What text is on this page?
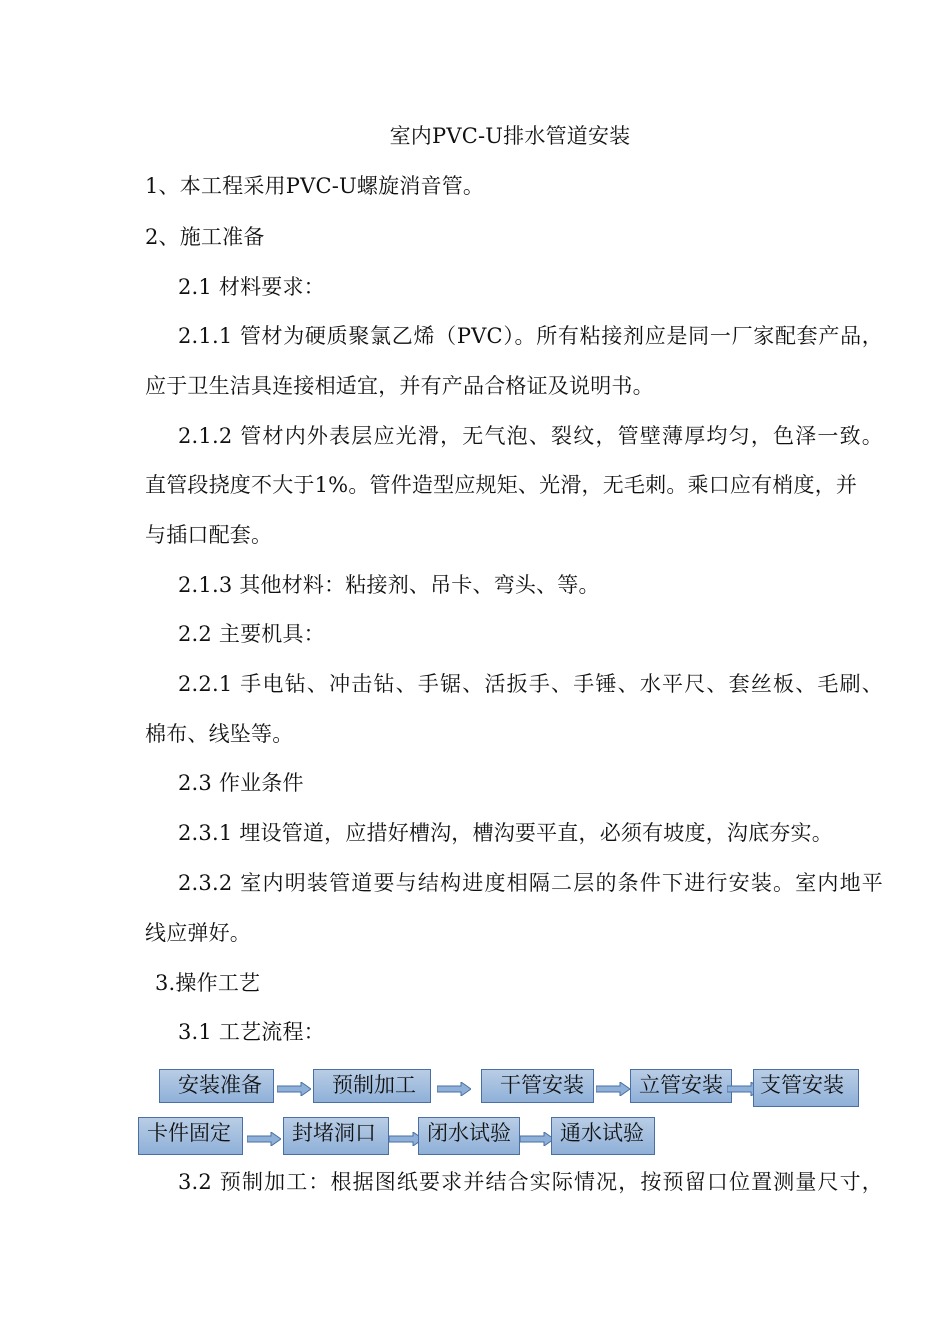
室内PVC-U排水管道安装
1、本工程采用PVC-U螺旋消音管。
2、施工准备
2.1 材料要求：
2.1.1 管材为硬质聚氯乙烯（PVC）。所有粘接剂应是同一厂家配套产品，
应于卫生洁具连接相适宜，并有产品合格证及说明书。
2.1.2 管材内外表层应光滑，无气泡、裂纹，管壁薄厚均匀，色泽一致。
直管段挠度不大于1%。管件造型应规矩、光滑，无毛刺。乘口应有梢度，并
与插口配套。
2.1.3 其他材料：粘接剂、吊卡、弯头、等。
2.2 主要机具：
2.2.1 手电钻、冲击钻、手锯、活扳手、手锤、水平尺、套丝板、毛刷、
棉布、线坠等。
2.3 作业条件
2.3.1 埋设管道，应措好槽沟，槽沟要平直，必须有坡度，沟底夯实。
2.3.2 室内明装管道要与结构进度相隔二层的条件下进行安装。室内地平
线应弹好。
3.操作工艺
3.1 工艺流程：
安装准备	预制加工	干管安装	立管安装	支管安装
卡件固定	封堵洞口	闭水试验	通水试验
3.2 预制加工：根据图纸要求并结合实际情况，按预留口位置测量尺寸，
